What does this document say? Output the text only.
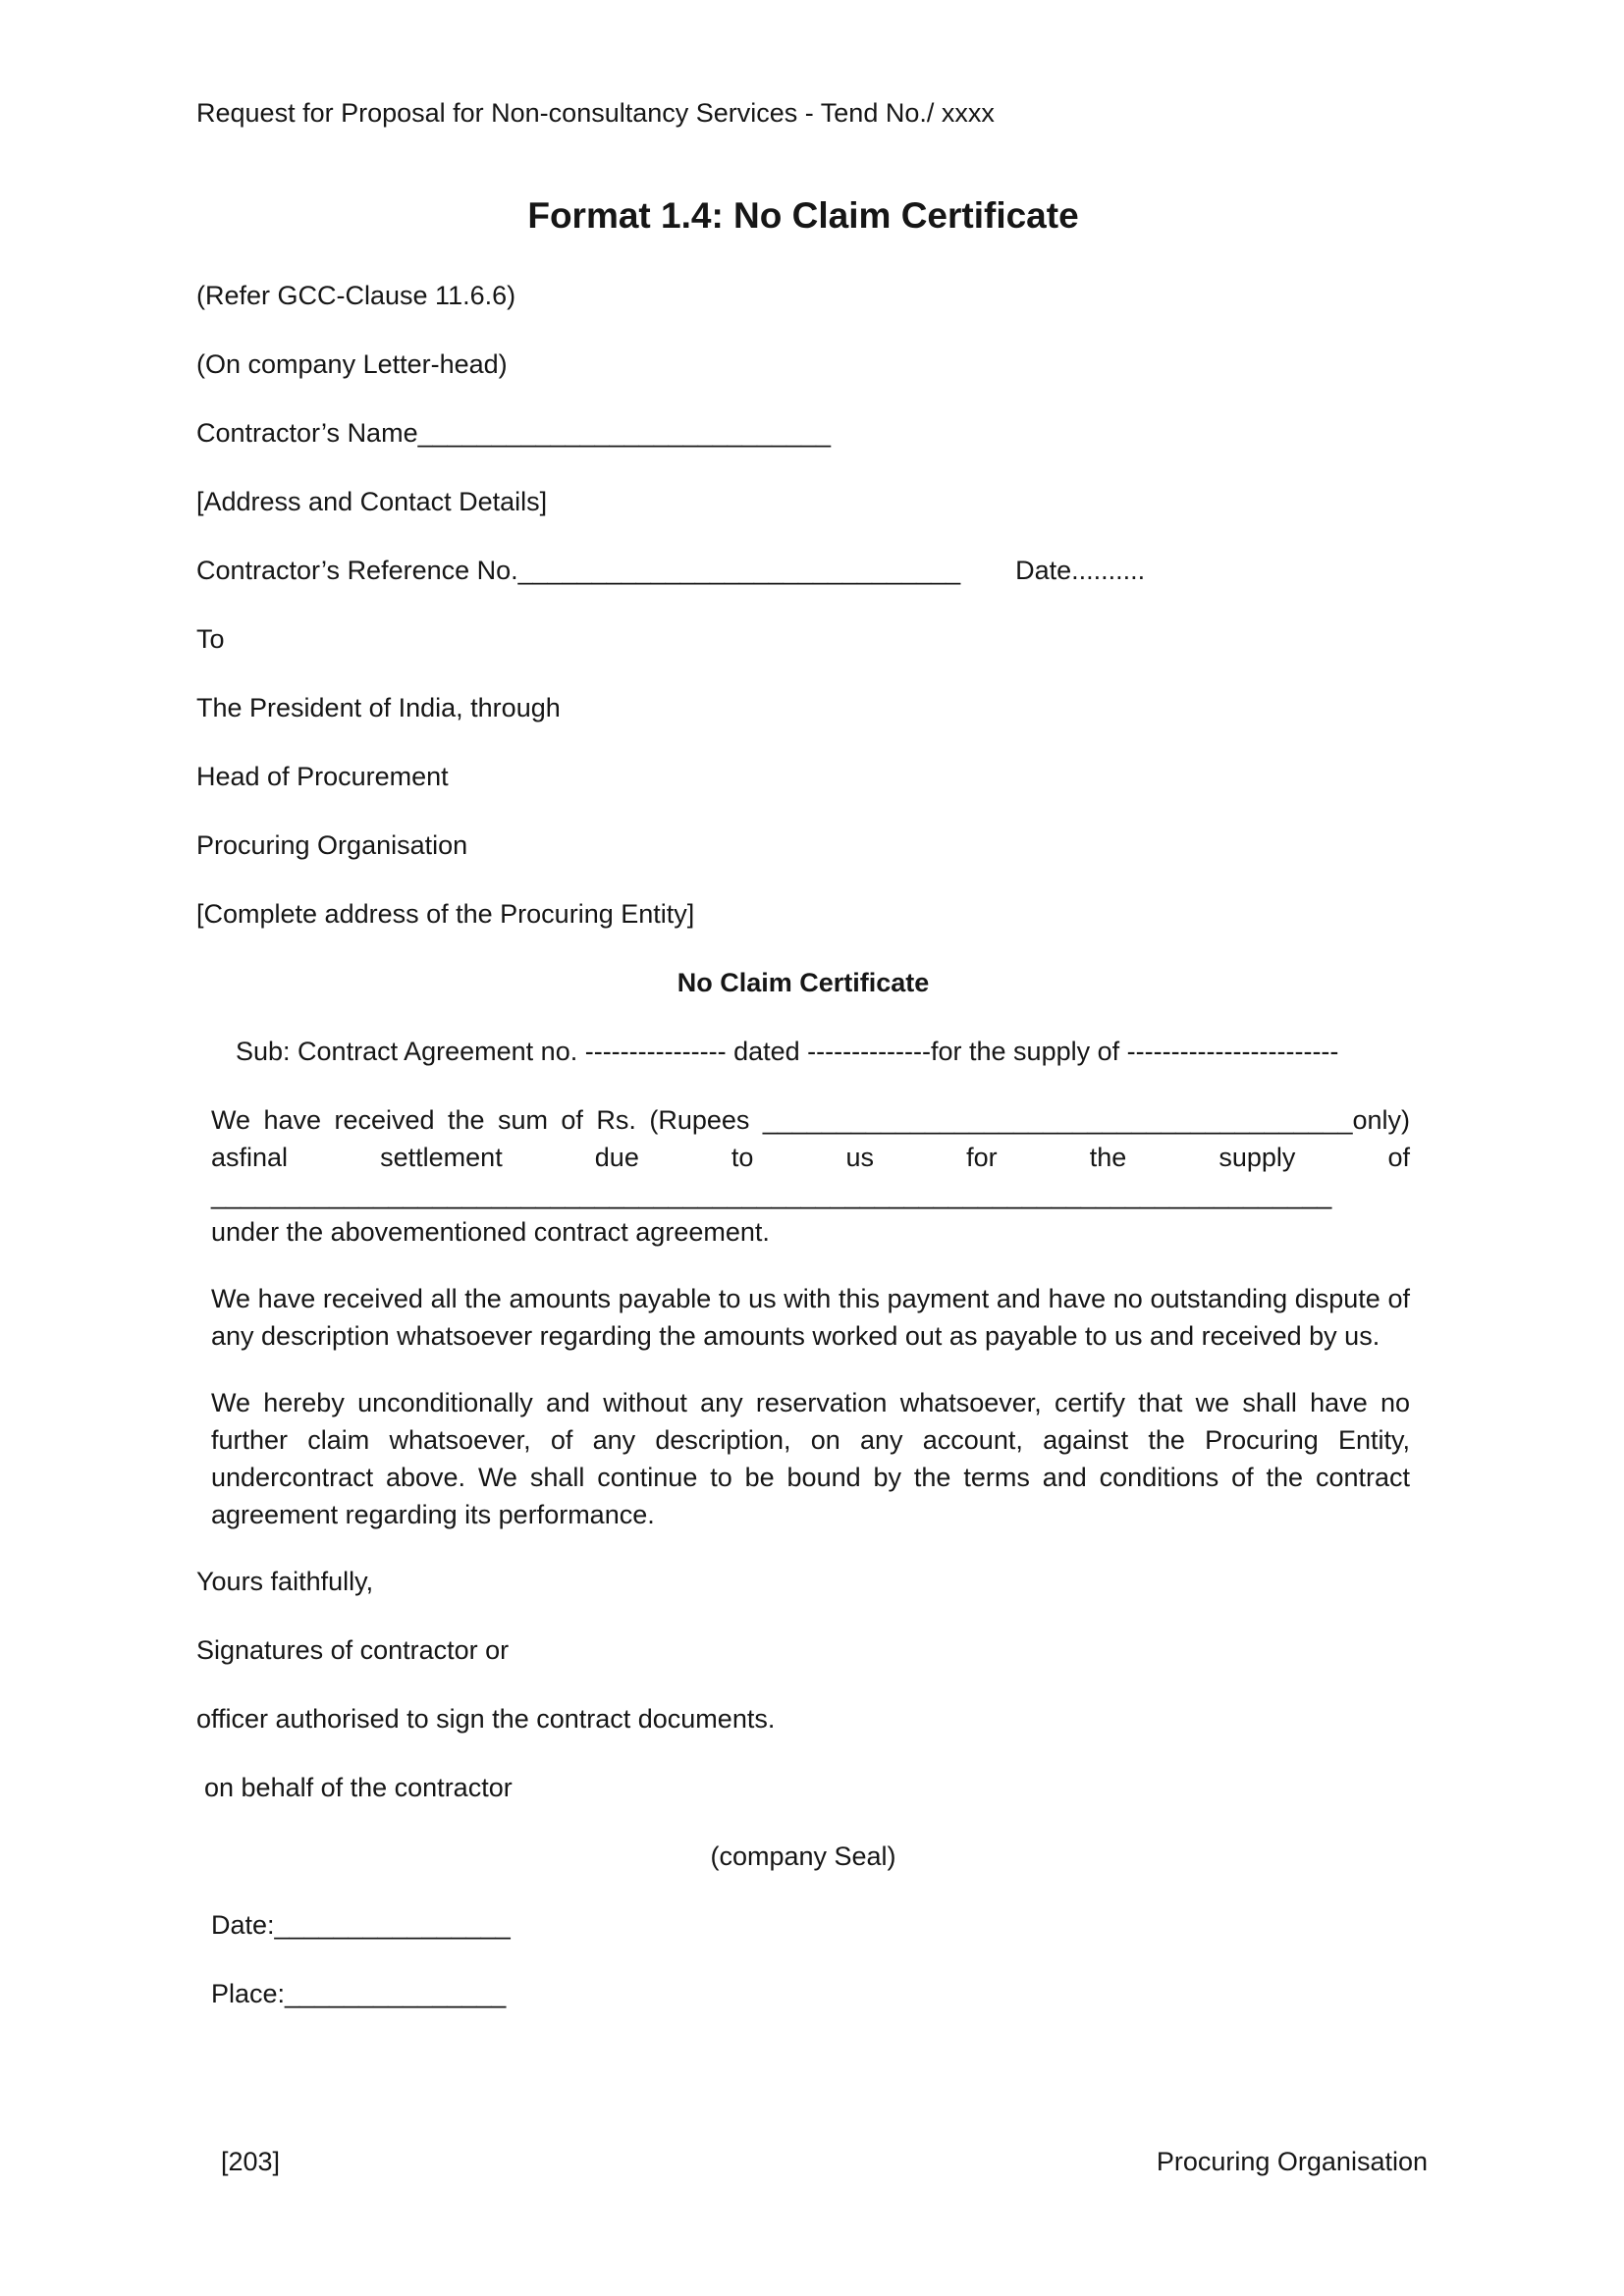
Request for Proposal for Non-consultancy Services - Tend No./ xxxx
Format 1.4: No Claim Certificate
(Refer GCC-Clause 11.6.6)
(On company Letter-head)
Contractor’s Name____________________________
[Address and Contact Details]
Contractor’s Reference No.______________________________ Date..........
To
The President of India, through
Head of Procurement
Procuring Organisation
[Complete address of the Procuring Entity]
No Claim Certificate
Sub: Contract Agreement no. ---------------- dated --------------for the supply of ------------------------
We have received the sum of Rs. (Rupees ________________________________________only)
asfinal settlement due to us for the supply of
____________________________________________________________________________
under the abovementioned contract agreement.
We have received all the amounts payable to us with this payment and have no outstanding dispute of any description whatsoever regarding the amounts worked out as payable to us and received by us.
We hereby unconditionally and without any reservation whatsoever, certify that we shall have no further claim whatsoever, of any description, on any account, against the Procuring Entity, undercontract above. We shall continue to be bound by the terms and conditions of the contract agreement regarding its performance.
Yours faithfully,
Signatures of contractor or
officer authorised to sign the contract documents.
on behalf of the contractor
(company Seal)
Date:________________
Place:_______________
[203]	Procuring Organisation
